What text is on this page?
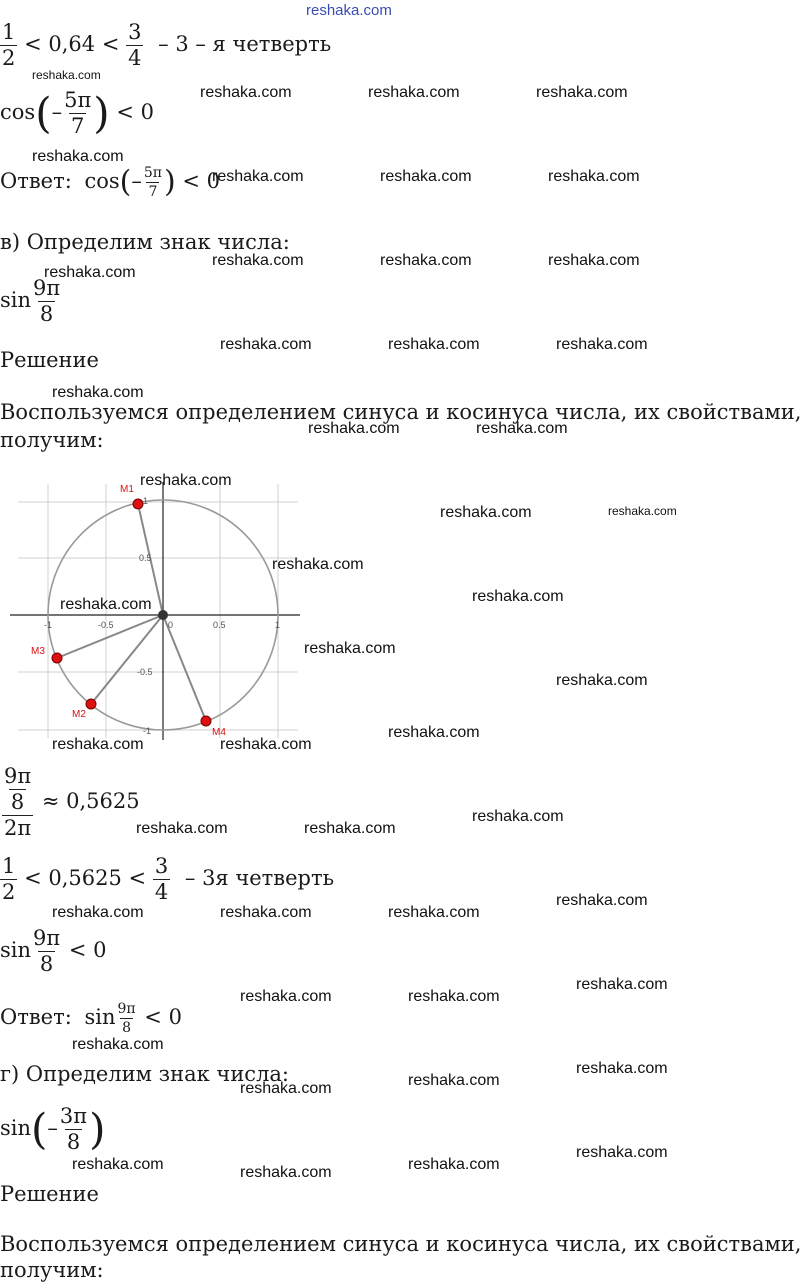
reshaka.com
$\frac{1}{2} < 0,64 < \frac{3}{4} - 3 - я$ четверть
$\cos(- \frac{5\pi}{7}$ ) < 0
Ответ: $\cos(- \frac{5\pi}{7}$ ) < 0
в) Определим знак числа:
$\sin \frac{9\pi}{8}$
Решение
Воспользуемся определением синуса и косинуса числа, их свойствами,
получим:
1
0.5
-0.5
-1
-1	-0.5	0	0.5	1
M1
M2
M3
M4
$\frac{\frac{9\pi}{8}}{2\pi} \approx 0,5625$
$\frac{1}{2} < 0,5625 < \frac{3}{4} - 3я$ четверть
$\sin \frac{9\pi}{8} < 0$
Ответ: $\sin \frac{9\pi}{8} < 0$
г) Определим знак числа:
$\sin(- \frac{3\pi}{8}$ )
Решение
Воспользуемся определением синуса и косинуса числа, их свойствами,
получим:
reshaka.com
reshaka.com	reshaka.com	reshaka.com
reshaka.com
reshaka.com	reshaka.com	reshaka.com
reshaka.com	reshaka.com	reshaka.com
reshaka.com
reshaka.com	reshaka.com	reshaka.com
reshaka.com
reshaka.com	reshaka.com
reshaka.com
reshaka.com	reshaka.com
reshaka.com
reshaka.com
reshaka.com
reshaka.com
reshaka.com
reshaka.com
reshaka.com	reshaka.com
reshaka.com
reshaka.com	reshaka.com
reshaka.com
reshaka.com	reshaka.com	reshaka.com
reshaka.com
reshaka.com	reshaka.com
reshaka.com
reshaka.com
reshaka.com
reshaka.com
reshaka.com
reshaka.com	reshaka.com	reshaka.com
